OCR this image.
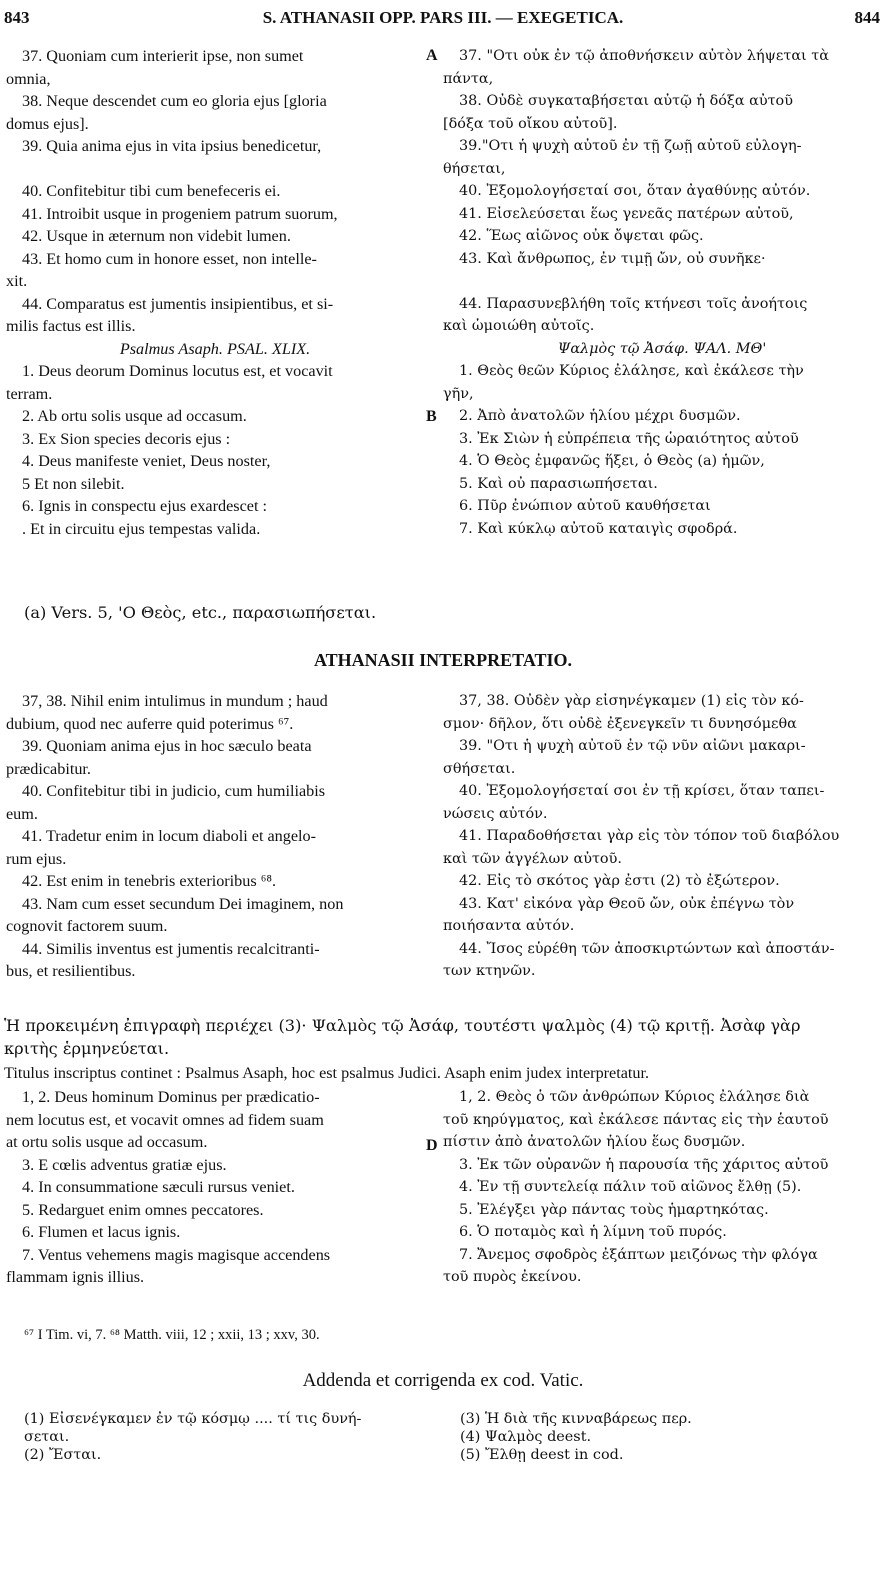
843	S. ATHANASII OPP. PARS III. — EXEGETICA.	844
A
B
D
37. Quoniam cum interierit ipse, non sumet
omnia,
38. Neque descendet cum eo gloria ejus [gloria
domus ejus].
39. Quia anima ejus in vita ipsius benedicetur,
40. Confitebitur tibi cum benefeceris ei.
41. Introibit usque in progeniem patrum suorum,
42. Usque in æternum non videbit lumen.
43. Et homo cum in honore esset, non intelle-
xit.
44. Comparatus est jumentis insipientibus, et si-
milis factus est illis.
Psalmus Asaph. PSAL. XLIX.
1. Deus deorum Dominus locutus est, et vocavit
terram.
2. Ab ortu solis usque ad occasum.
3. Ex Sion species decoris ejus :
4. Deus manifeste veniet, Deus noster,
5 Et non silebit.
6. Ignis in conspectu ejus exardescet :
. Et in circuitu ejus tempestas valida.
37. "Οτι οὐκ ἐν τῷ ἀποθνήσκειν αὐτὸν λήψεται τὰ
πάντα,
38. Οὐδὲ συγκαταβήσεται αὐτῷ ἡ δόξα αὐτοῦ
[δόξα τοῦ οἴκου αὐτοῦ].
39."Οτι ἡ ψυχὴ αὐτοῦ ἐν τῇ ζωῇ αὐτοῦ εὐλογη-
θήσεται,
40. Ἐξομολογήσεταί σοι, ὅταν ἀγαθύνῃς αὐτόν.
41. Εἰσελεύσεται ἕως γενεᾶς πατέρων αὐτοῦ,
42. Ἕως αἰῶνος οὐκ ὄψεται φῶς.
43. Καὶ ἄνθρωπος, ἐν τιμῇ ὤν, οὐ συνῆκε·
44. Παρασυνεβλήθη τοῖς κτήνεσι τοῖς ἀνοήτοις
καὶ ὡμοιώθη αὐτοῖς.
Ψαλμὸς τῷ Ἀσάφ. ΨΑΛ. ΜΘ'
1. Θεὸς θεῶν Κύριος ἐλάλησε, καὶ ἐκάλεσε τὴν
γῆν,
2. Ἀπὸ ἀνατολῶν ἡλίου μέχρι δυσμῶν.
3. Ἐκ Σιὼν ἡ εὐπρέπεια τῆς ὡραιότητος αὐτοῦ
4. Ὁ Θεὸς ἐμφανῶς ἥξει, ὁ Θεὸς (a) ἡμῶν,
5. Καὶ οὐ παρασιωπήσεται.
6. Πῦρ ἐνώπιον αὐτοῦ καυθήσεται
7. Καὶ κύκλῳ αὐτοῦ καταιγὶς σφοδρά.
(a) Vers. 5, 'Ο Θεὸς, etc., παρασιωπήσεται.
ATHANASII INTERPRETATIO.
37, 38. Nihil enim intulimus in mundum ; haud
dubium, quod nec auferre quid poterimus ⁶⁷.
39. Quoniam anima ejus in hoc sæculo beata
prædicabitur.
40. Confitebitur tibi in judicio, cum humiliabis
eum.
41. Tradetur enim in locum diaboli et angelo-
rum ejus.
42. Est enim in tenebris exterioribus ⁶⁸.
43. Nam cum esset secundum Dei imaginem, non
cognovit factorem suum.
44. Similis inventus est jumentis recalcitranti-
bus, et resilientibus.
37, 38. Οὐδὲν γὰρ εἰσηνέγκαμεν (1) εἰς τὸν κό-
σμον· δῆλον, ὅτι οὐδὲ ἐξενεγκεῖν τι δυνησόμεθα
39. "Οτι ἡ ψυχὴ αὐτοῦ ἐν τῷ νῦν αἰῶνι μακαρι-
σθήσεται.
40. Ἐξομολογήσεταί σοι ἐν τῇ κρίσει, ὅταν ταπει-
νώσεις αὐτόν.
41. Παραδοθήσεται γὰρ εἰς τὸν τόπον τοῦ διαβόλου
καὶ τῶν ἀγγέλων αὐτοῦ.
42. Εἰς τὸ σκότος γὰρ ἐστι (2) τὸ ἐξώτερον.
43. Κατ' εἰκόνα γὰρ Θεοῦ ὤν, οὐκ ἐπέγνω τὸν
ποιήσαντα αὐτόν.
44. Ἴσος εὑρέθη τῶν ἀποσκιρτώντων καὶ ἀποστάν-
των κτηνῶν.
Ἡ προκειμένη ἐπιγραφὴ περιέχει (3)· Ψαλμὸς τῷ Ἀσάφ, τουτέστι ψαλμὸς (4) τῷ κριτῇ. Ἀσὰφ γὰρ
κριτὴς ἑρμηνεύεται.
Titulus inscriptus continet : Psalmus Asaph, hoc est psalmus Judici. Asaph enim judex interpretatur.
1, 2. Deus hominum Dominus per prædicatio-
nem locutus est, et vocavit omnes ad fidem suam
at ortu solis usque ad occasum.
3. E cœlis adventus gratiæ ejus.
4. In consummatione sæculi rursus veniet.
5. Redarguet enim omnes peccatores.
6. Flumen et lacus ignis.
7. Ventus vehemens magis magisque accendens
flammam ignis illius.
1, 2. Θεὸς ὁ τῶν ἀνθρώπων Κύριος ἐλάλησε διὰ
τοῦ κηρύγματος, καὶ ἐκάλεσε πάντας εἰς τὴν ἑαυτοῦ
πίστιν ἀπὸ ἀνατολῶν ἡλίου ἕως δυσμῶν.
3. Ἐκ τῶν οὐρανῶν ἡ παρουσία τῆς χάριτος αὐτοῦ
4. Ἐν τῇ συντελείᾳ πάλιν τοῦ αἰῶνος ἔλθῃ (5).
5. Ἐλέγξει γὰρ πάντας τοὺς ἡμαρτηκότας.
6. Ὁ ποταμὸς καὶ ἡ λίμνη τοῦ πυρός.
7. Ἄνεμος σφοδρὸς ἐξάπτων μειζόνως τὴν φλόγα
τοῦ πυρὸς ἐκείνου.
⁶⁷ I Tim. vi, 7. ⁶⁸ Matth. viii, 12 ; xxii, 13 ; xxv, 30.
Addenda et corrigenda ex cod. Vatic.
(1) Εἰσενέγκαμεν ἐν τῷ κόσμῳ .... τί τις δυνή-
σεται.
(2) Ἔσται.
(3) Ἡ διὰ τῆς κινναβάρεως περ.
(4) Ψαλμὸς deest.
(5) Ἔλθῃ deest in cod.
